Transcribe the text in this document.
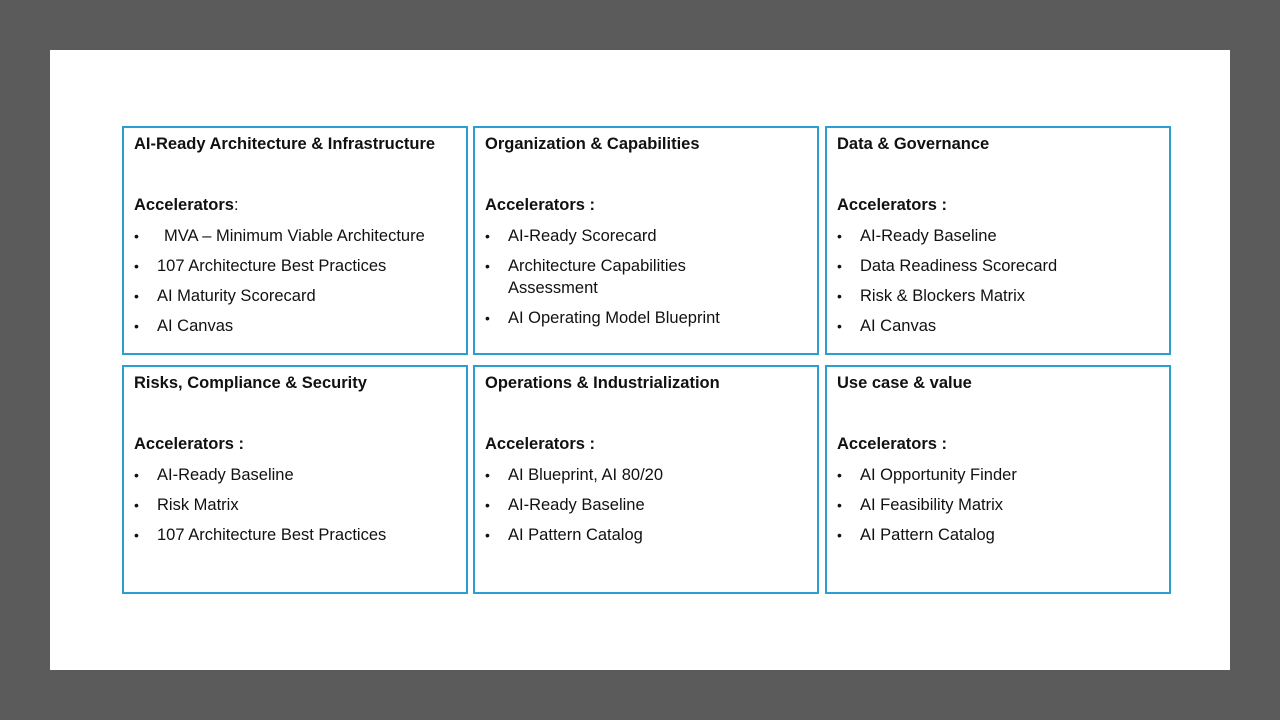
AI-Ready Architecture & Infrastructure
Accelerators:
• MVA – Minimum Viable Architecture
• 107 Architecture Best Practices
• AI Maturity Scorecard
• AI Canvas
Organization & Capabilities
Accelerators :
• AI-Ready Scorecard
• Architecture Capabilities Assessment
• AI Operating Model Blueprint
Data & Governance
Accelerators :
• AI-Ready Baseline
• Data Readiness Scorecard
• Risk & Blockers Matrix
• AI Canvas
Risks, Compliance & Security
Accelerators :
• AI-Ready Baseline
• Risk Matrix
• 107 Architecture Best Practices
Operations & Industrialization
Accelerators :
• AI Blueprint, AI 80/20
• AI-Ready Baseline
• AI Pattern Catalog
Use case & value
Accelerators :
• AI Opportunity Finder
• AI Feasibility Matrix
• AI Pattern Catalog
